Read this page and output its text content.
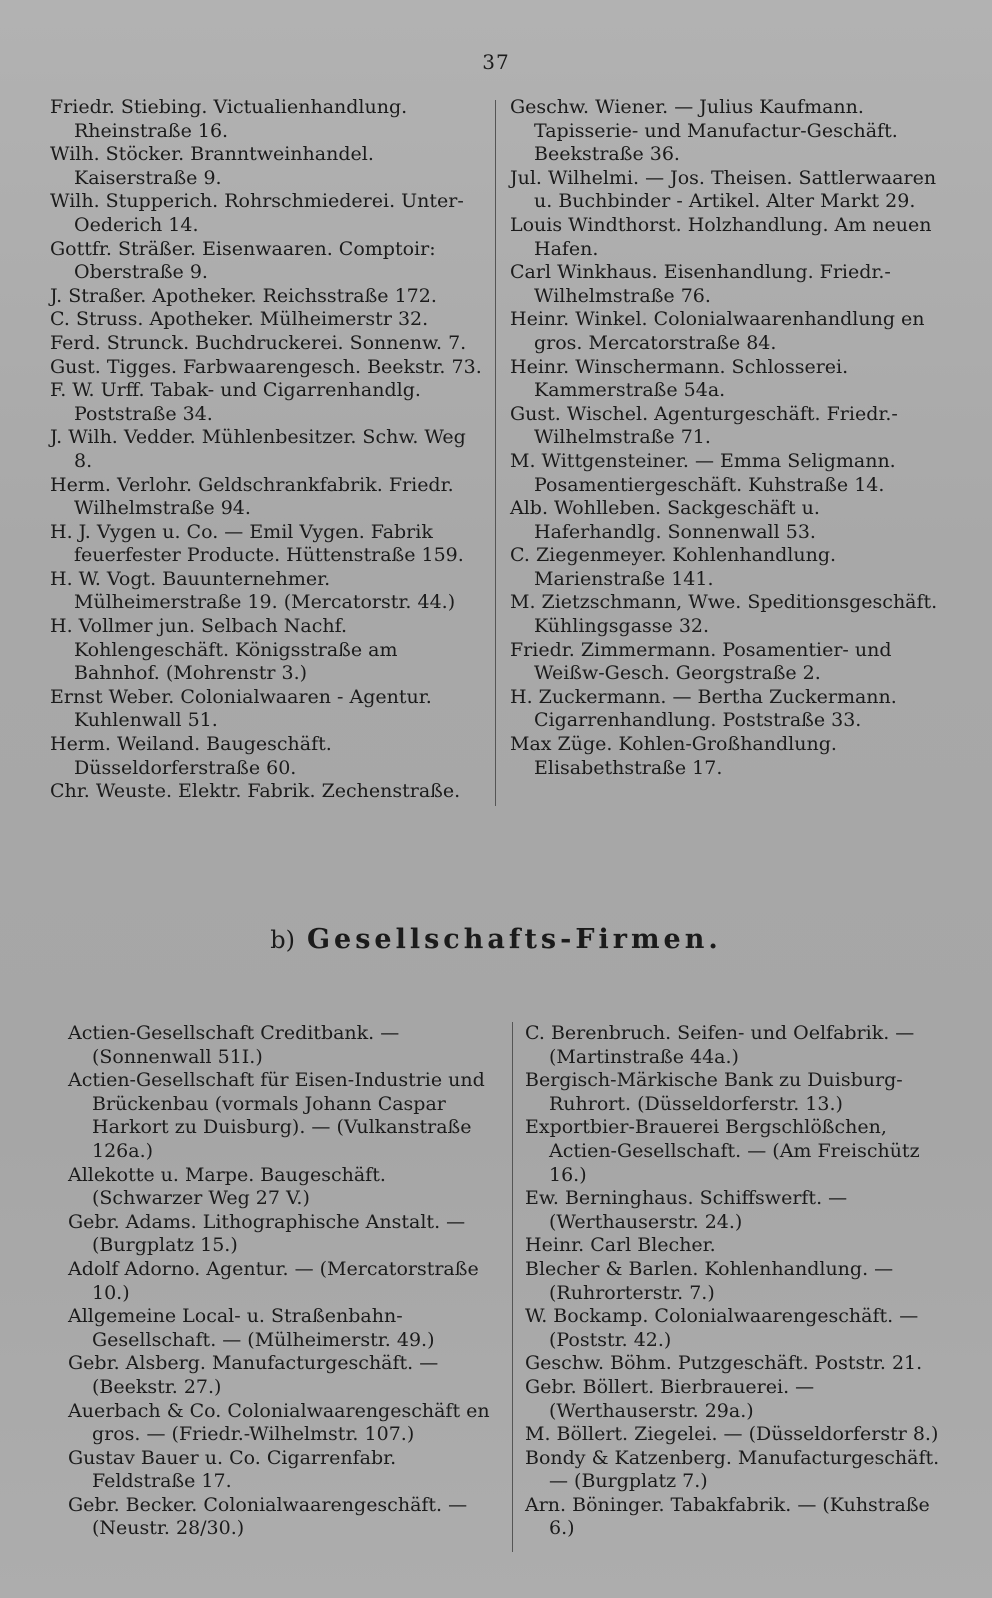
37
Friedr. Stiebing. Victualienhandlung. Rheinstraße 16.
Wilh. Stöcker. Branntweinhandel. Kaiserstraße 9.
Wilh. Stupperich. Rohrschmiederei. Unter-Oederich 14.
Gottfr. Sträßer. Eisenwaaren. Comptoir: Oberstraße 9.
J. Straßer. Apotheker. Reichsstraße 172.
C. Struss. Apotheker. Mülheimerstr 32.
Ferd. Strunck. Buchdruckerei. Sonnenw. 7.
Gust. Tigges. Farbwaarengesch. Beekstr. 73.
F. W. Urff. Tabak- und Cigarrenhandlg. Poststraße 34.
J. Wilh. Vedder. Mühlenbesitzer. Schw. Weg 8.
Herm. Verlohr. Geldschrankfabrik. Friedr. Wilhelmstraße 94.
H. J. Vygen u. Co. — Emil Vygen. Fabrik feuerfester Producte. Hüttenstraße 159.
H. W. Vogt. Bauunternehmer. Mülheimerstraße 19. (Mercatorstr. 44.)
H. Vollmer jun. Selbach Nachf. Kohlengeschäft. Königsstraße am Bahnhof. (Mohrenstr 3.)
Ernst Weber. Colonialwaaren - Agentur. Kuhlenwall 51.
Herm. Weiland. Baugeschäft. Düsseldorferstraße 60.
Chr. Weuste. Elektr. Fabrik. Zechenstraße.
Geschw. Wiener. — Julius Kaufmann. Tapisserie- und Manufactur-Geschäft. Beekstraße 36.
Jul. Wilhelmi. — Jos. Theisen. Sattlerwaaren u. Buchbinder - Artikel. Alter Markt 29.
Louis Windthorst. Holzhandlung. Am neuen Hafen.
Carl Winkhaus. Eisenhandlung. Friedr.-Wilhelmstraße 76.
Heinr. Winkel. Colonialwaarenhandlung en gros. Mercatorstraße 84.
Heinr. Winschermann. Schlosserei. Kammerstraße 54a.
Gust. Wischel. Agenturgeschäft. Friedr.-Wilhelmstraße 71.
M. Wittgensteiner. — Emma Seligmann. Posamentiergeschäft. Kuhstraße 14.
Alb. Wohlleben. Sackgeschäft u. Haferhandlg. Sonnenwall 53.
C. Ziegenmeyer. Kohlenhandlung. Marienstraße 141.
M. Zietzschmann, Wwe. Speditionsgeschäft. Kühlingsgasse 32.
Friedr. Zimmermann. Posamentier- und Weißw-Gesch. Georgstraße 2.
H. Zuckermann. — Bertha Zuckermann. Cigarrenhandlung. Poststraße 33.
Max Züge. Kohlen-Großhandlung. Elisabethstraße 17.
b) Gesellschafts-Firmen.
Actien-Gesellschaft Creditbank. — (Sonnenwall 51I.)
Actien-Gesellschaft für Eisen-Industrie und Brückenbau (vormals Johann Caspar Harkort zu Duisburg). — (Vulkanstraße 126a.)
Allekotte u. Marpe. Baugeschäft. (Schwarzer Weg 27 V.)
Gebr. Adams. Lithographische Anstalt. — (Burgplatz 15.)
Adolf Adorno. Agentur. — (Mercatorstraße 10.)
Allgemeine Local- u. Straßenbahn-Gesellschaft. — (Mülheimerstr. 49.)
Gebr. Alsberg. Manufacturgeschäft. — (Beekstr. 27.)
Auerbach & Co. Colonialwaarengeschäft en gros. — (Friedr.-Wilhelmstr. 107.)
Gustav Bauer u. Co. Cigarrenfabr. Feldstraße 17.
Gebr. Becker. Colonialwaarengeschäft. — (Neustr. 28/30.)
C. Berenbruch. Seifen- und Oelfabrik. — (Martinstraße 44a.)
Bergisch-Märkische Bank zu Duisburg-Ruhrort. (Düsseldorferstr. 13.)
Exportbier-Brauerei Bergschlößchen, Actien-Gesellschaft. — (Am Freischütz 16.)
Ew. Berninghaus. Schiffswerft. — (Werthauserstr. 24.)
Heinr. Carl Blecher.
Blecher & Barlen. Kohlenhandlung. — (Ruhrorterstr. 7.)
W. Bockamp. Colonialwaarengeschäft. — (Poststr. 42.)
Geschw. Böhm. Putzgeschäft. Poststr. 21.
Gebr. Böllert. Bierbrauerei. — (Werthauserstr. 29a.)
M. Böllert. Ziegelei. — (Düsseldorferstr 8.)
Bondy & Katzenberg. Manufacturgeschäft. — (Burgplatz 7.)
Arn. Böninger. Tabakfabrik. — (Kuhstraße 6.)
